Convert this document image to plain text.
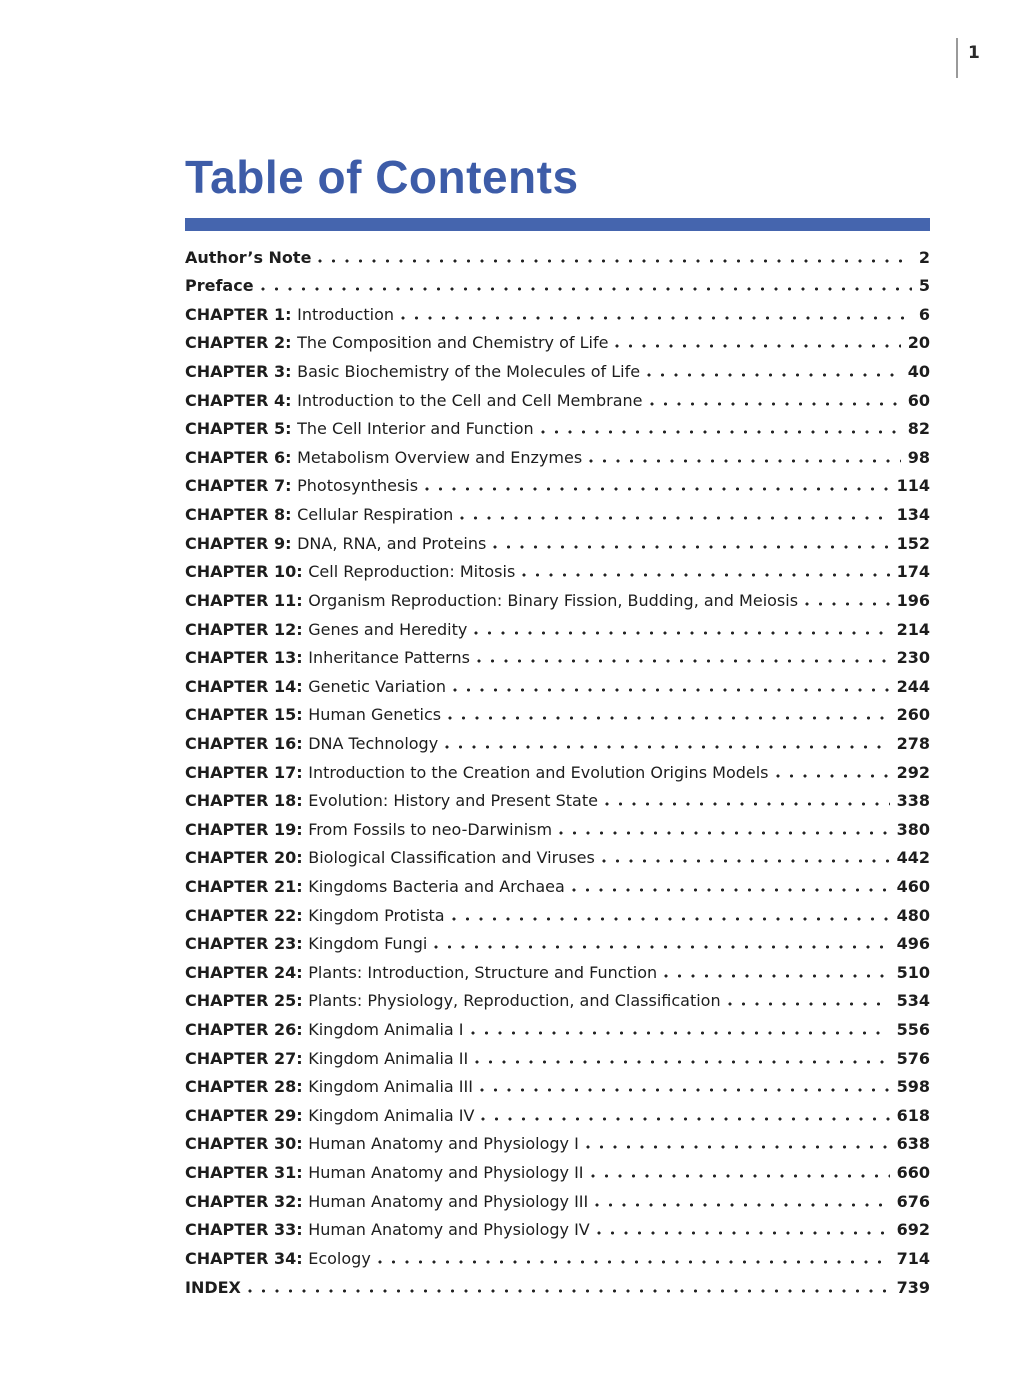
1
Table of Contents
Author’s Note	2
Preface	5
CHAPTER 1: Introduction	6
CHAPTER 2: The Composition and Chemistry of Life	20
CHAPTER 3: Basic Biochemistry of the Molecules of Life	40
CHAPTER 4: Introduction to the Cell and Cell Membrane	60
CHAPTER 5: The Cell Interior and Function	82
CHAPTER 6: Metabolism Overview and Enzymes	98
CHAPTER 7: Photosynthesis	114
CHAPTER 8: Cellular Respiration	134
CHAPTER 9: DNA, RNA, and Proteins	152
CHAPTER 10: Cell Reproduction: Mitosis	174
CHAPTER 11: Organism Reproduction: Binary Fission, Budding, and Meiosis	196
CHAPTER 12: Genes and Heredity	214
CHAPTER 13: Inheritance Patterns	230
CHAPTER 14: Genetic Variation	244
CHAPTER 15: Human Genetics	260
CHAPTER 16: DNA Technology	278
CHAPTER 17: Introduction to the Creation and Evolution Origins Models	292
CHAPTER 18: Evolution: History and Present State	338
CHAPTER 19: From Fossils to neo-Darwinism	380
CHAPTER 20: Biological Classification and Viruses	442
CHAPTER 21: Kingdoms Bacteria and Archaea	460
CHAPTER 22: Kingdom Protista	480
CHAPTER 23: Kingdom Fungi	496
CHAPTER 24: Plants: Introduction, Structure and Function	510
CHAPTER 25: Plants: Physiology, Reproduction, and Classification	534
CHAPTER 26: Kingdom Animalia I	556
CHAPTER 27: Kingdom Animalia II	576
CHAPTER 28: Kingdom Animalia III	598
CHAPTER 29: Kingdom Animalia IV	618
CHAPTER 30: Human Anatomy and Physiology I	638
CHAPTER 31: Human Anatomy and Physiology II	660
CHAPTER 32: Human Anatomy and Physiology III	676
CHAPTER 33: Human Anatomy and Physiology IV	692
CHAPTER 34: Ecology	714
INDEX	739
